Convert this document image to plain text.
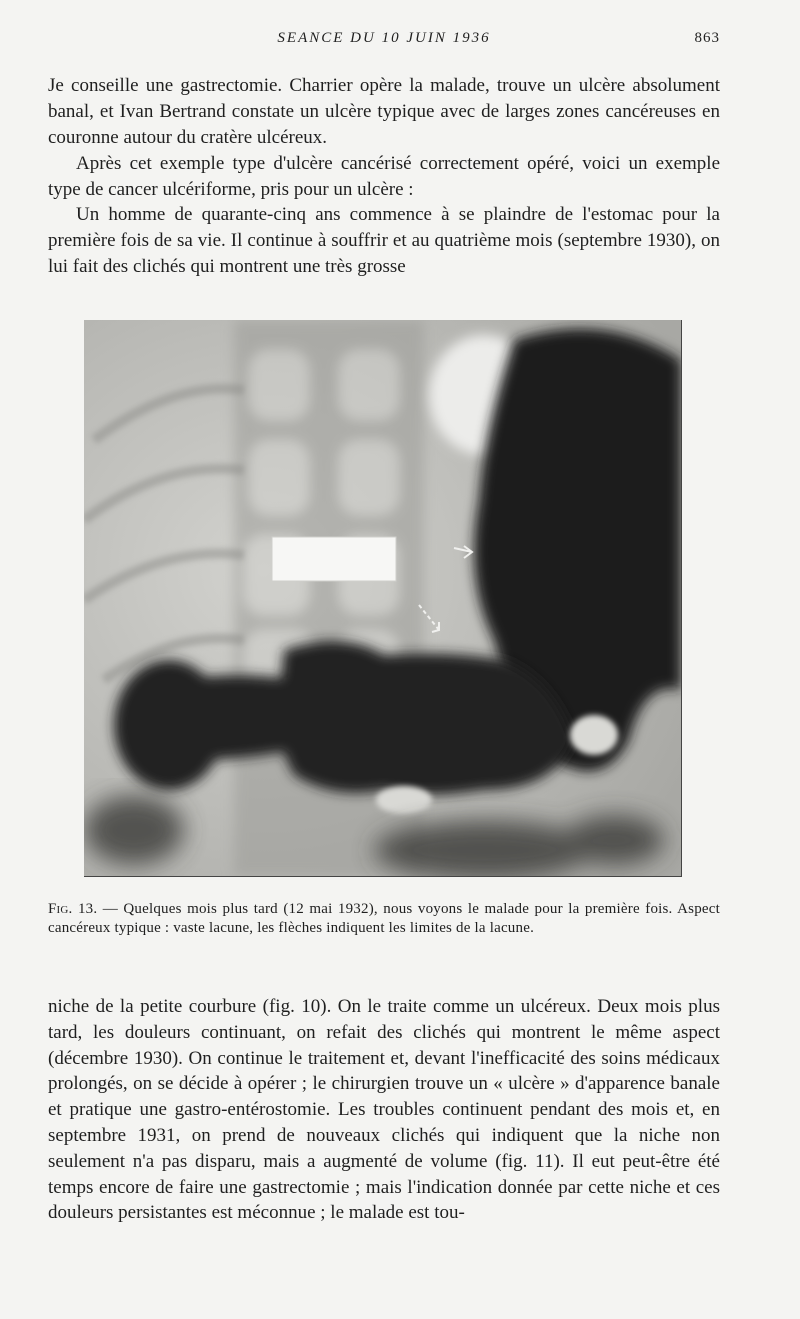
SEANCE DU 10 JUIN 1936	863

Je conseille une gastrectomie. Charrier opère la malade, trouve un ulcère absolument banal, et Ivan Bertrand constate un ulcère typique avec de larges zones cancéreuses en couronne autour du cratère ulcéreux.

Après cet exemple type d'ulcère cancérisé correctement opéré, voici un exemple type de cancer ulcériforme, pris pour un ulcère :

Un homme de quarante-cinq ans commence à se plaindre de l'estomac pour la première fois de sa vie. Il continue à souffrir et au quatrième mois (septembre 1930), on lui fait des clichés qui montrent une très grosse

Fig. 13. — Quelques mois plus tard (12 mai 1932), nous voyons le malade pour la première fois. Aspect cancéreux typique : vaste lacune, les flèches indiquent les limites de la lacune.

niche de la petite courbure (fig. 10). On le traite comme un ulcéreux. Deux mois plus tard, les douleurs continuant, on refait des clichés qui montrent le même aspect (décembre 1930). On continue le traitement et, devant l'inefficacité des soins médicaux prolongés, on se décide à opérer ; le chirurgien trouve un « ulcère » d'apparence banale et pratique une gastro-entérostomie. Les troubles continuent pendant des mois et, en septembre 1931, on prend de nouveaux clichés qui indiquent que la niche non seulement n'a pas disparu, mais a augmenté de volume (fig. 11). Il eut peut-être été temps encore de faire une gastrectomie ; mais l'indication donnée par cette niche et ces douleurs persistantes est méconnue ; le malade est tou-
